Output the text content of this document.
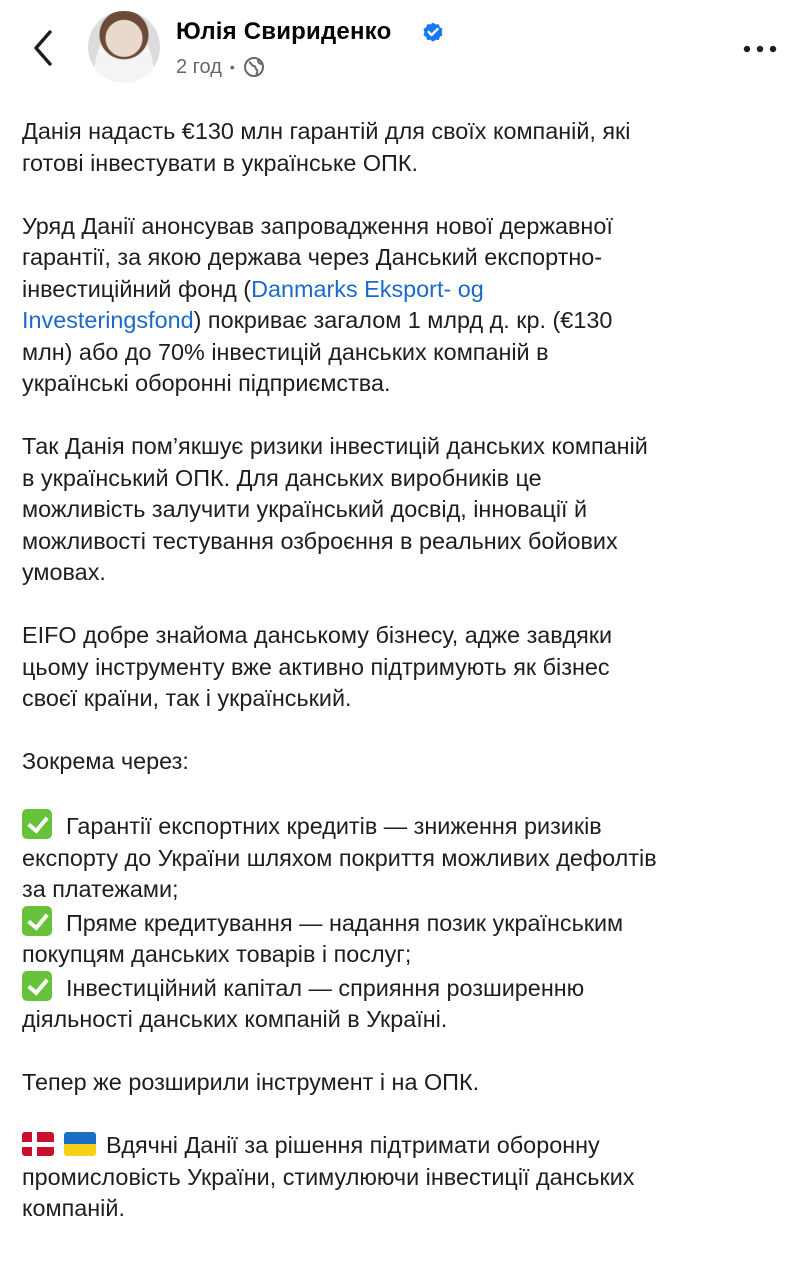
Юлія Свириденко
2 год •

Данія надасть €130 млн гарантій для своїх компаній, які
готові інвестувати в українське ОПК.

Уряд Данії анонсував запровадження нової державної
гарантії, за якою держава через Данський експортно-
інвестиційний фонд (Danmarks Eksport- og
Investeringsfond) покриває загалом 1 млрд д. кр. (€130
млн) або до 70% інвестицій данських компаній в
українські оборонні підприємства.

Так Данія пом’якшує ризики інвестицій данських компаній
в український ОПК. Для данських виробників це
можливість залучити український досвід, інновації й
можливості тестування озброєння в реальних бойових
умовах.

EIFO добре знайома данському бізнесу, адже завдяки
цьому інструменту вже активно підтримують як бізнес
своєї країни, так і український.

Зокрема через:

Гарантії експортних кредитів — зниження ризиків
експорту до України шляхом покриття можливих дефолтів
за платежами;
Пряме кредитування — надання позик українським
покупцям данських товарів і послуг;
Інвестиційний капітал — сприяння розширенню
діяльності данських компаній в Україні.

Тепер же розширили інструмент і на ОПК.

Вдячні Данії за рішення підтримати оборонну
промисловість України, стимулюючи інвестиції данських
компаній.
